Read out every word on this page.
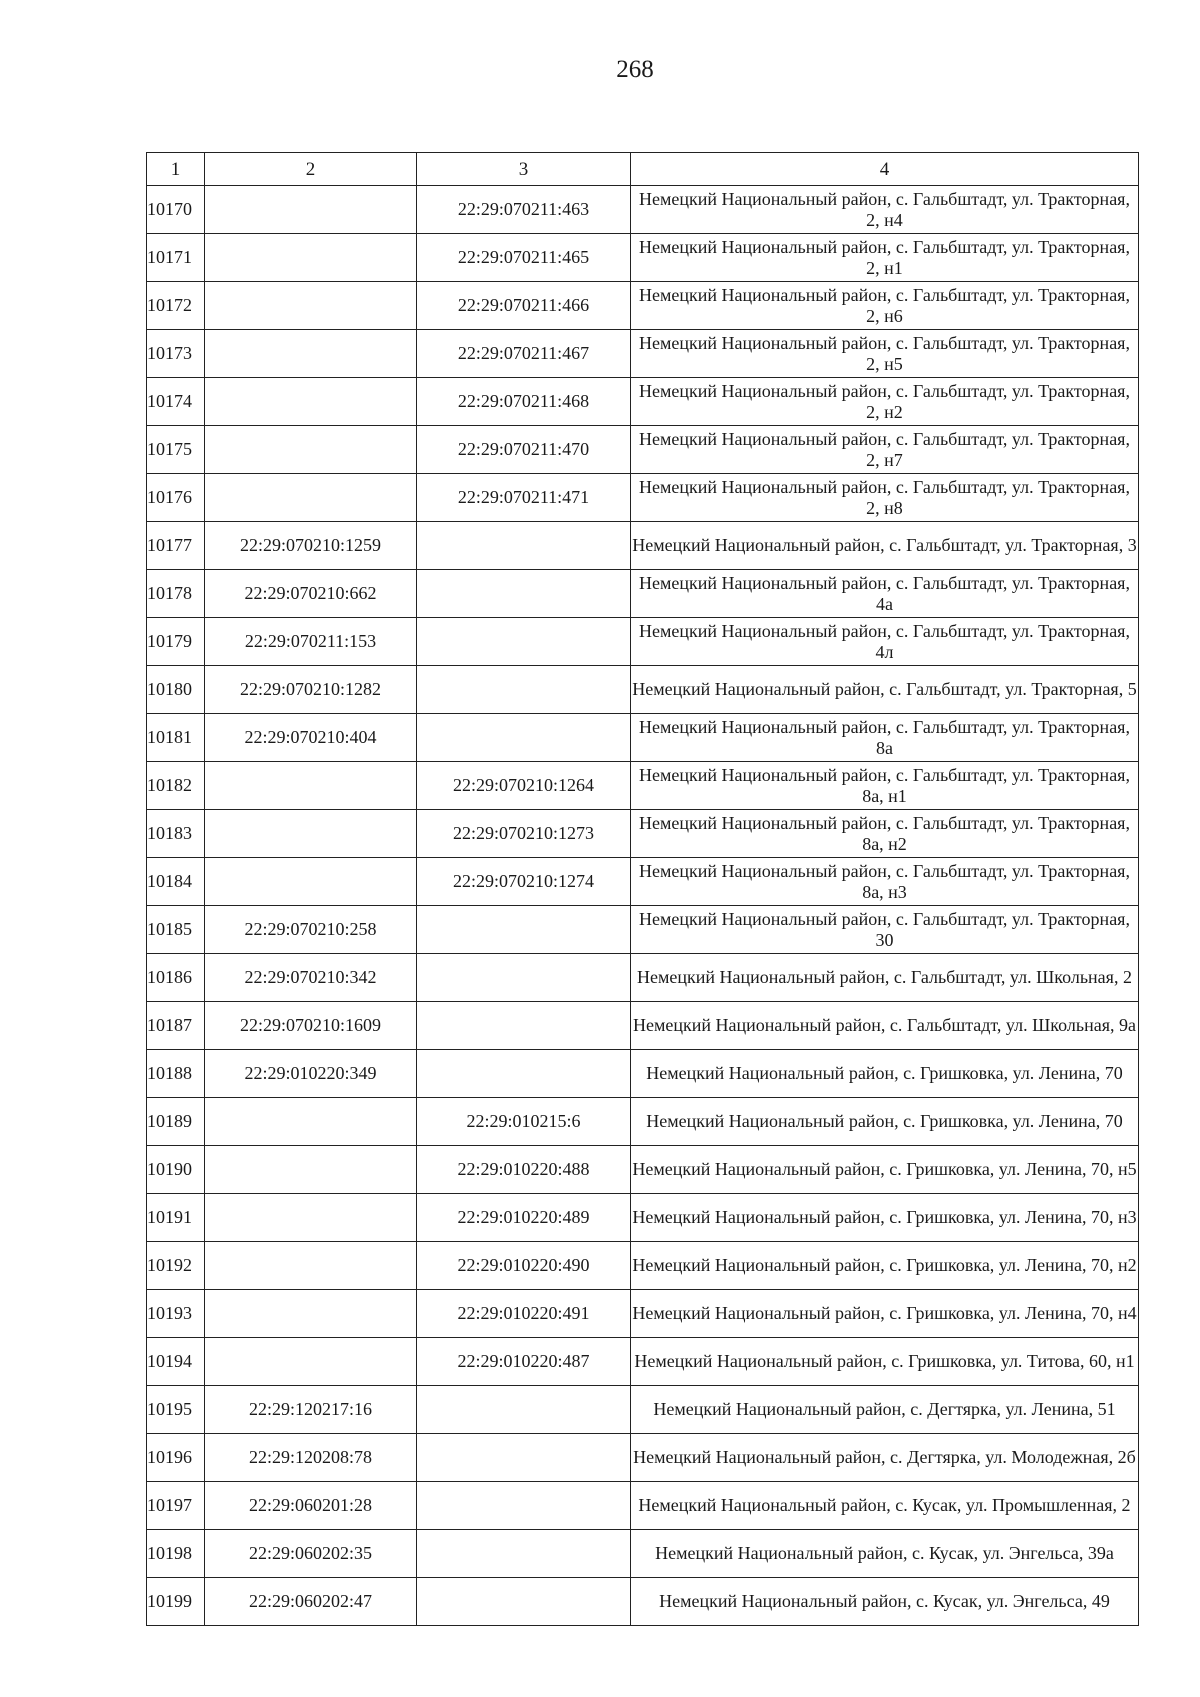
268
1	2	3	4
10170		22:29:070211:463	Немецкий Национальный район, с. Гальбштадт, ул. Тракторная, 2, н4
10171		22:29:070211:465	Немецкий Национальный район, с. Гальбштадт, ул. Тракторная, 2, н1
10172		22:29:070211:466	Немецкий Национальный район, с. Гальбштадт, ул. Тракторная, 2, н6
10173		22:29:070211:467	Немецкий Национальный район, с. Гальбштадт, ул. Тракторная, 2, н5
10174		22:29:070211:468	Немецкий Национальный район, с. Гальбштадт, ул. Тракторная, 2, н2
10175		22:29:070211:470	Немецкий Национальный район, с. Гальбштадт, ул. Тракторная, 2, н7
10176		22:29:070211:471	Немецкий Национальный район, с. Гальбштадт, ул. Тракторная, 2, н8
10177	22:29:070210:1259		Немецкий Национальный район, с. Гальбштадт, ул. Тракторная, 3
10178	22:29:070210:662		Немецкий Национальный район, с. Гальбштадт, ул. Тракторная, 4а
10179	22:29:070211:153		Немецкий Национальный район, с. Гальбштадт, ул. Тракторная, 4л
10180	22:29:070210:1282		Немецкий Национальный район, с. Гальбштадт, ул. Тракторная, 5
10181	22:29:070210:404		Немецкий Национальный район, с. Гальбштадт, ул. Тракторная, 8а
10182		22:29:070210:1264	Немецкий Национальный район, с. Гальбштадт, ул. Тракторная, 8а, н1
10183		22:29:070210:1273	Немецкий Национальный район, с. Гальбштадт, ул. Тракторная, 8а, н2
10184		22:29:070210:1274	Немецкий Национальный район, с. Гальбштадт, ул. Тракторная, 8а, н3
10185	22:29:070210:258		Немецкий Национальный район, с. Гальбштадт, ул. Тракторная, 30
10186	22:29:070210:342		Немецкий Национальный район, с. Гальбштадт, ул. Школьная, 2
10187	22:29:070210:1609		Немецкий Национальный район, с. Гальбштадт, ул. Школьная, 9а
10188	22:29:010220:349		Немецкий Национальный район, с. Гришковка, ул. Ленина, 70
10189		22:29:010215:6	Немецкий Национальный район, с. Гришковка, ул. Ленина, 70
10190		22:29:010220:488	Немецкий Национальный район, с. Гришковка, ул. Ленина, 70, н5
10191		22:29:010220:489	Немецкий Национальный район, с. Гришковка, ул. Ленина, 70, н3
10192		22:29:010220:490	Немецкий Национальный район, с. Гришковка, ул. Ленина, 70, н2
10193		22:29:010220:491	Немецкий Национальный район, с. Гришковка, ул. Ленина, 70, н4
10194		22:29:010220:487	Немецкий Национальный район, с. Гришковка, ул. Титова, 60, н1
10195	22:29:120217:16		Немецкий Национальный район, с. Дегтярка, ул. Ленина, 51
10196	22:29:120208:78		Немецкий Национальный район, с. Дегтярка, ул. Молодежная, 2б
10197	22:29:060201:28		Немецкий Национальный район, с. Кусак, ул. Промышленная, 2
10198	22:29:060202:35		Немецкий Национальный район, с. Кусак, ул. Энгельса, 39а
10199	22:29:060202:47		Немецкий Национальный район, с. Кусак, ул. Энгельса, 49
